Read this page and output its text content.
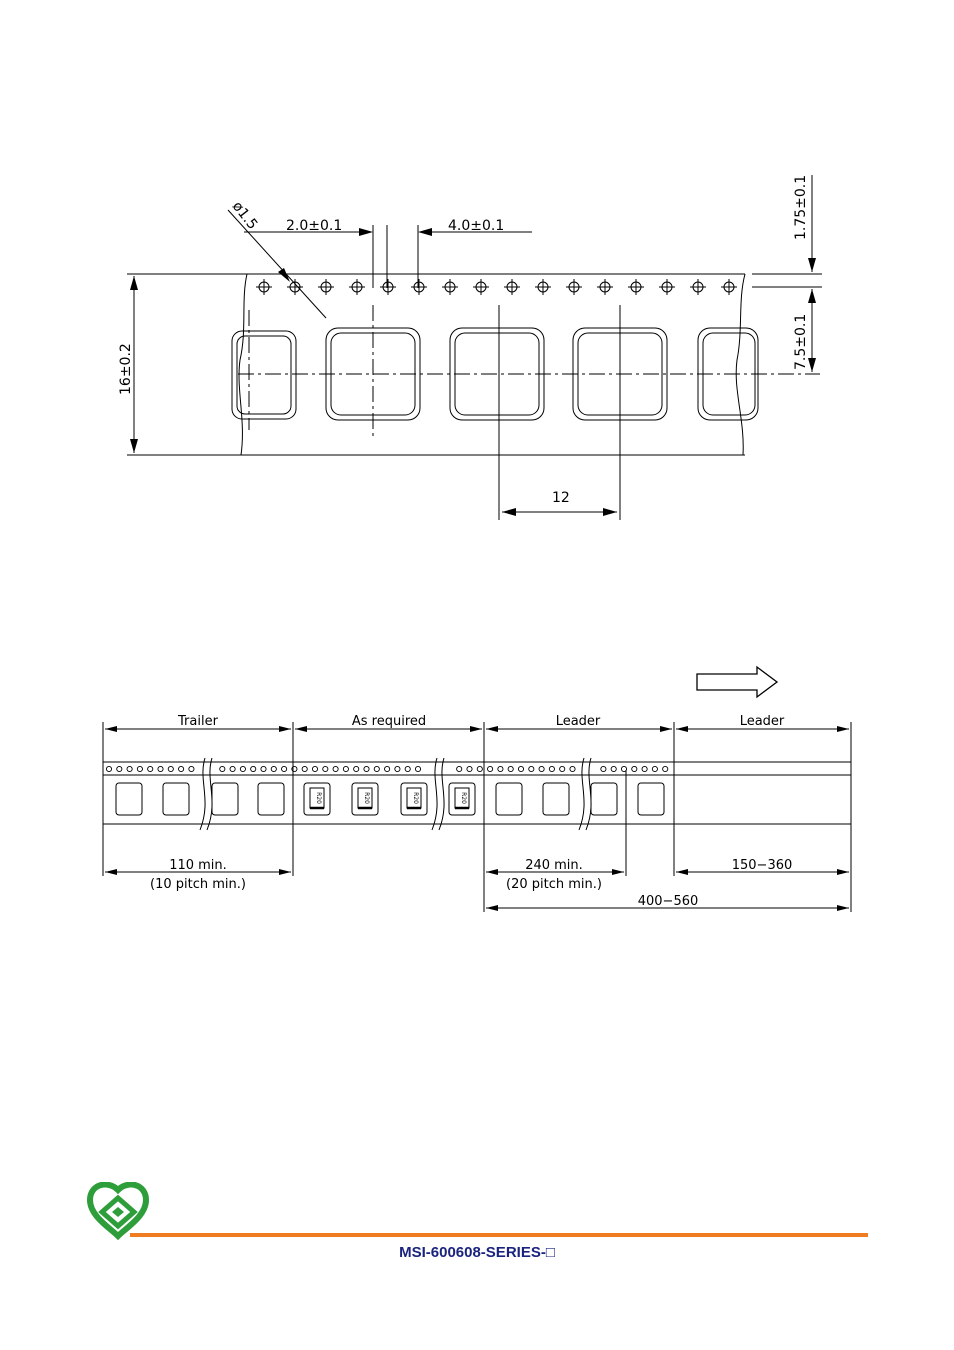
ø1.5 2.0±0.1	4.0±0.1	1.75±0.1
7.5±0.1
16±0.2
12
R20	R20	R20	R20
Trailer	As required	Leader	Leader
110 min.
(10 pitch min.)
240 min.
(20 pitch min.)
150−360
400−560
MSI-600608-SERIES-□
